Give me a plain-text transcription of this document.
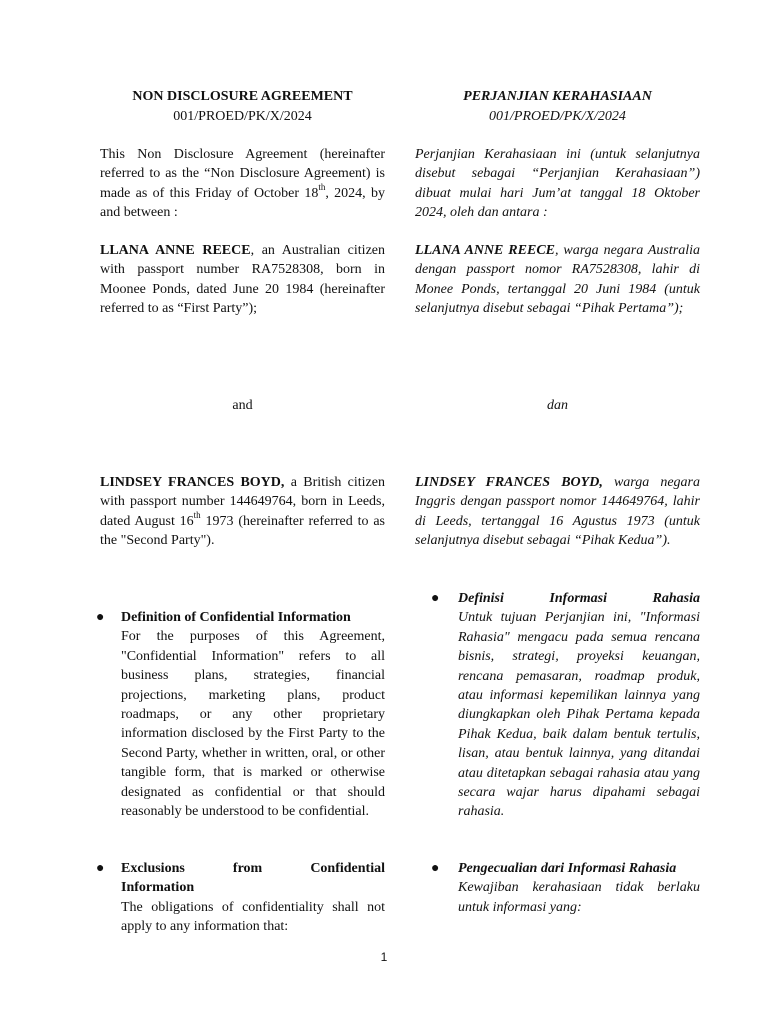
NON DISCLOSURE AGREEMENT
001/PROED/PK/X/2024
This Non Disclosure Agreement (hereinafter referred to as the “Non Disclosure Agreement) is made as of this Friday of October 18th, 2024, by and between :
LLANA ANNE REECE, an Australian citizen with passport number RA7528308, born in Moonee Ponds, dated June 20 1984 (hereinafter referred to as “First Party”);
and
LINDSEY FRANCES BOYD, a British citizen with passport number 144649764, born in Leeds, dated August 16th 1973 (hereinafter referred to as the "Second Party").
● Definition of Confidential Information
For the purposes of this Agreement, "Confidential Information" refers to all business plans, strategies, financial projections, marketing plans, product roadmaps, or any other proprietary information disclosed by the First Party to the Second Party, whether in written, oral, or other tangible form, that is marked or otherwise designated as confidential or that should reasonably be understood to be confidential.
● Exclusions from Confidential
Information
The obligations of confidentiality shall not apply to any information that:
PERJANJIAN KERAHASIAAN
001/PROED/PK/X/2024
Perjanjian Kerahasiaan ini (untuk selanjutnya disebut sebagai “Perjanjian Kerahasiaan”) dibuat mulai hari Jum’at tanggal 18 Oktober 2024, oleh dan antara :
LLANA ANNE REECE, warga negara Australia dengan passport nomor RA7528308, lahir di Monee Ponds, tertanggal 20 Juni 1984 (untuk selanjutnya disebut sebagai “Pihak Pertama”);
dan
LINDSEY FRANCES BOYD, warga negara Inggris dengan passport nomor 144649764, lahir di Leeds, tertanggal 16 Agustus 1973 (untuk selanjutnya disebut sebagai “Pihak Kedua”).
● Definisi Informasi Rahasia
Untuk tujuan Perjanjian ini, "Informasi Rahasia" mengacu pada semua rencana bisnis, strategi, proyeksi keuangan, rencana pemasaran, roadmap produk, atau informasi kepemilikan lainnya yang diungkapkan oleh Pihak Pertama kepada Pihak Kedua, baik dalam bentuk tertulis, lisan, atau bentuk lainnya, yang ditandai atau ditetapkan sebagai rahasia atau yang secara wajar harus dipahami sebagai rahasia.
● Pengecualian dari Informasi Rahasia
Kewajiban kerahasiaan tidak berlaku untuk informasi yang:
1
